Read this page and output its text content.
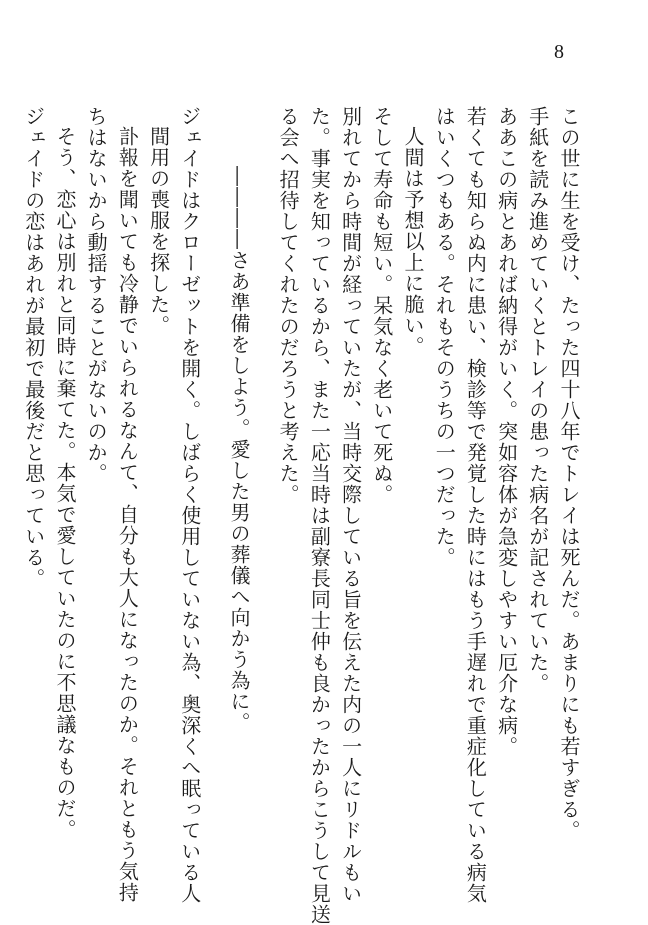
8

この世に生を受け、たった四十八年でトレイは死んだ。あまりにも若すぎる。

手紙を読み進めていくとトレイの患った病名が記されていた。

ああこの病とあれば納得がいく。突如容体が急変しやすい厄介な病。

若くても知らぬ内に患い、検診等で発覚した時にはもう手遅れで重症化している病気

はいくつもある。それもそのうちの一つだった。

人間は予想以上に脆い。

そして寿命も短い。呆気なく老いて死ぬ。

別れてから時間が経っていたが、当時交際している旨を伝えた内の一人にリドルもい

た。事実を知っているから、また一応当時は副寮長同士仲も良かったからこうして見送

る会へ招待してくれたのだろうと考えた。

――――さあ準備をしよう。愛した男の葬儀へ向かう為に。

ジェイドはクローゼットを開く。しばらく使用していない為、奥深くへ眠っている人

間用の喪服を探した。

訃報を聞いても冷静でいられるなんて、自分も大人になったのか。それともう気持

ちはないから動揺することがないのか。

そう、恋心は別れと同時に棄てた。本気で愛していたのに不思議なものだ。

ジェイドの恋はあれが最初で最後だと思っている。
